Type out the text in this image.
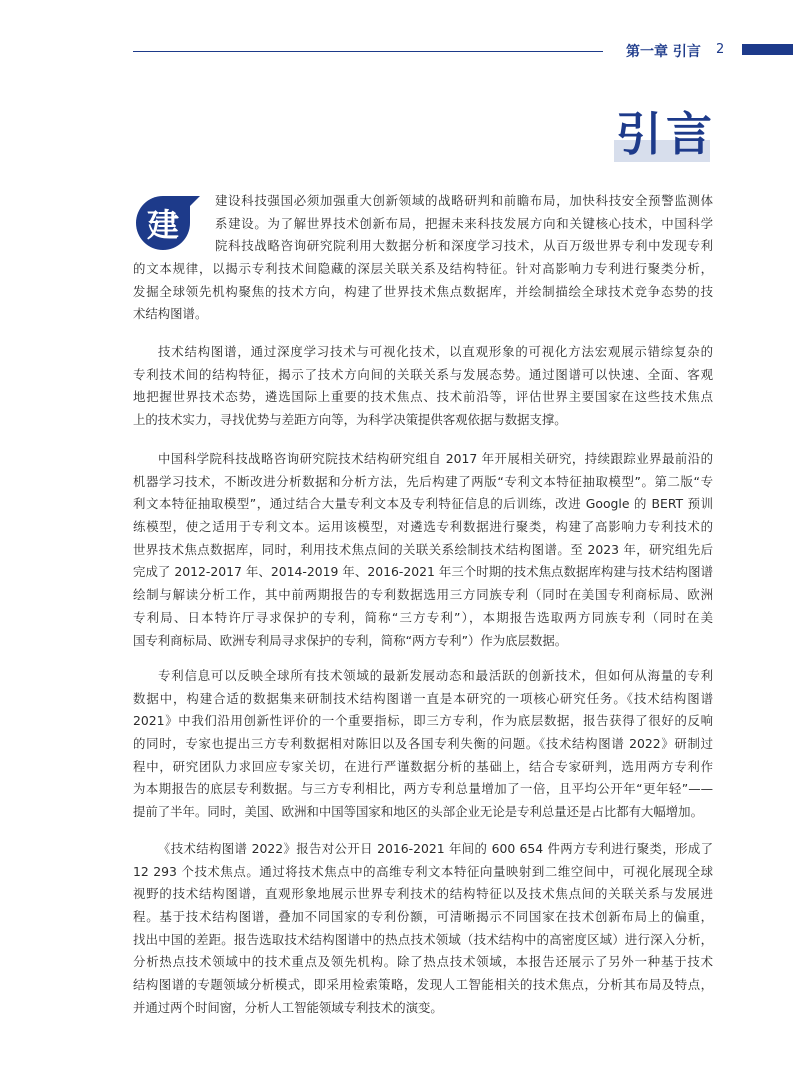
第一章 引言 2
引言
建
建设科技强国必须加强重大创新领域的战略研判和前瞻布局，加快科技安全预警监测体
系建设。为了解世界技术创新布局，把握未来科技发展方向和关键核心技术，中国科学
院科技战略咨询研究院利用大数据分析和深度学习技术，从百万级世界专利中发现专利
的文本规律，以揭示专利技术间隐藏的深层关联关系及结构特征。针对高影响力专利进行聚类分析，
发掘全球领先机构聚焦的技术方向，构建了世界技术焦点数据库，并绘制描绘全球技术竞争态势的技
术结构图谱。
技术结构图谱，通过深度学习技术与可视化技术，以直观形象的可视化方法宏观展示错综复杂的
专利技术间的结构特征，揭示了技术方向间的关联关系与发展态势。通过图谱可以快速、全面、客观
地把握世界技术态势，遴选国际上重要的技术焦点、技术前沿等，评估世界主要国家在这些技术焦点
上的技术实力，寻找优势与差距方向等，为科学决策提供客观依据与数据支撑。
中国科学院科技战略咨询研究院技术结构研究组自 2017 年开展相关研究，持续跟踪业界最前沿的
机器学习技术，不断改进分析数据和分析方法，先后构建了两版“专利文本特征抽取模型”。第二版“专
利文本特征抽取模型”，通过结合大量专利文本及专利特征信息的后训练，改进 Google 的 BERT 预训
练模型，使之适用于专利文本。运用该模型，对遴选专利数据进行聚类，构建了高影响力专利技术的
世界技术焦点数据库，同时，利用技术焦点间的关联关系绘制技术结构图谱。至 2023 年，研究组先后
完成了 2012-2017 年、2014-2019 年、2016-2021 年三个时期的技术焦点数据库构建与技术结构图谱
绘制与解读分析工作，其中前两期报告的专利数据选用三方同族专利（同时在美国专利商标局、欧洲
专利局、日本特许厅寻求保护的专利，简称“三方专利”），本期报告选取两方同族专利（同时在美
国专利商标局、欧洲专利局寻求保护的专利，简称“两方专利”）作为底层数据。
专利信息可以反映全球所有技术领域的最新发展动态和最活跃的创新技术，但如何从海量的专利
数据中，构建合适的数据集来研制技术结构图谱一直是本研究的一项核心研究任务。《技术结构图谱
2021》中我们沿用创新性评价的一个重要指标，即三方专利，作为底层数据，报告获得了很好的反响
的同时，专家也提出三方专利数据相对陈旧以及各国专利失衡的问题。《技术结构图谱 2022》研制过
程中，研究团队力求回应专家关切，在进行严谨数据分析的基础上，结合专家研判，选用两方专利作
为本期报告的底层专利数据。与三方专利相比，两方专利总量增加了一倍，且平均公开年“更年轻”——
提前了半年。同时，美国、欧洲和中国等国家和地区的头部企业无论是专利总量还是占比都有大幅增加。
《技术结构图谱 2022》报告对公开日 2016-2021 年间的 600 654 件两方专利进行聚类，形成了
12 293 个技术焦点。通过将技术焦点中的高维专利文本特征向量映射到二维空间中，可视化展现全球
视野的技术结构图谱，直观形象地展示世界专利技术的结构特征以及技术焦点间的关联关系与发展进
程。基于技术结构图谱，叠加不同国家的专利份额，可清晰揭示不同国家在技术创新布局上的偏重，
找出中国的差距。报告选取技术结构图谱中的热点技术领域（技术结构中的高密度区域）进行深入分析，
分析热点技术领域中的技术重点及领先机构。除了热点技术领域，本报告还展示了另外一种基于技术
结构图谱的专题领域分析模式，即采用检索策略，发现人工智能相关的技术焦点，分析其布局及特点，
并通过两个时间窗，分析人工智能领域专利技术的演变。
